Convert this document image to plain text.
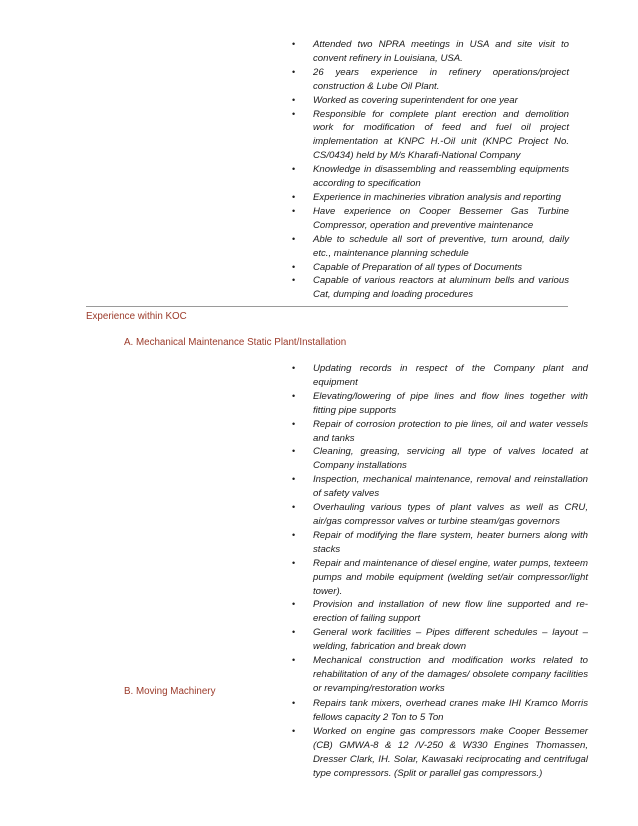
• Attended two NPRA meetings in USA and site visit to convent refinery in Louisiana, USA.
• 26 years experience in refinery operations/project construction & Lube Oil Plant.
• Worked as covering superintendent for one year
• Responsible for complete plant erection and demolition work for modification of feed and fuel oil project implementation at KNPC H.-Oil unit (KNPC Project No. CS/0434) held by M/s Kharafi-National Company
• Knowledge in disassembling and reassembling equipments according to specification
• Experience in machineries vibration analysis and reporting
• Have experience on Cooper Bessemer Gas Turbine Compressor, operation and preventive maintenance
• Able to schedule all sort of preventive, turn around, daily etc., maintenance planning schedule
• Capable of Preparation of all types of Documents
• Capable of various reactors at aluminum bells and various Cat, dumping and loading procedures
Experience within KOC
A. Mechanical Maintenance Static Plant/Installation
• Updating records in respect of the Company plant and equipment
• Elevating/lowering of pipe lines and flow lines together with fitting pipe supports
• Repair of corrosion protection to pie lines, oil and water vessels and tanks
• Cleaning, greasing, servicing all type of valves located at Company installations
• Inspection, mechanical maintenance, removal and reinstallation of safety valves
• Overhauling various types of plant valves as well as CRU, air/gas compressor valves or turbine steam/gas governors
• Repair of modifying the flare system, heater burners along with stacks
• Repair and maintenance of diesel engine, water pumps, texteem pumps and mobile equipment (welding set/air compressor/light tower).
• Provision and installation of new flow line supported and re-erection of failing support
• General work facilities – Pipes different schedules – layout – welding, fabrication and break down
• Mechanical construction and modification works related to rehabilitation of any of the damages/ obsolete company facilities or revamping/restoration works
B. Moving Machinery
• Repairs tank mixers, overhead cranes make IHI Kramco Morris fellows capacity 2 Ton to 5 Ton
• Worked on engine gas compressors make Cooper Bessemer (CB) GMWA-8 & 12 /V-250 & W330 Engines Thomassen, Dresser Clark, IH. Solar, Kawasaki reciprocating and centrifugal type compressors. (Split or parallel gas compressors.)
